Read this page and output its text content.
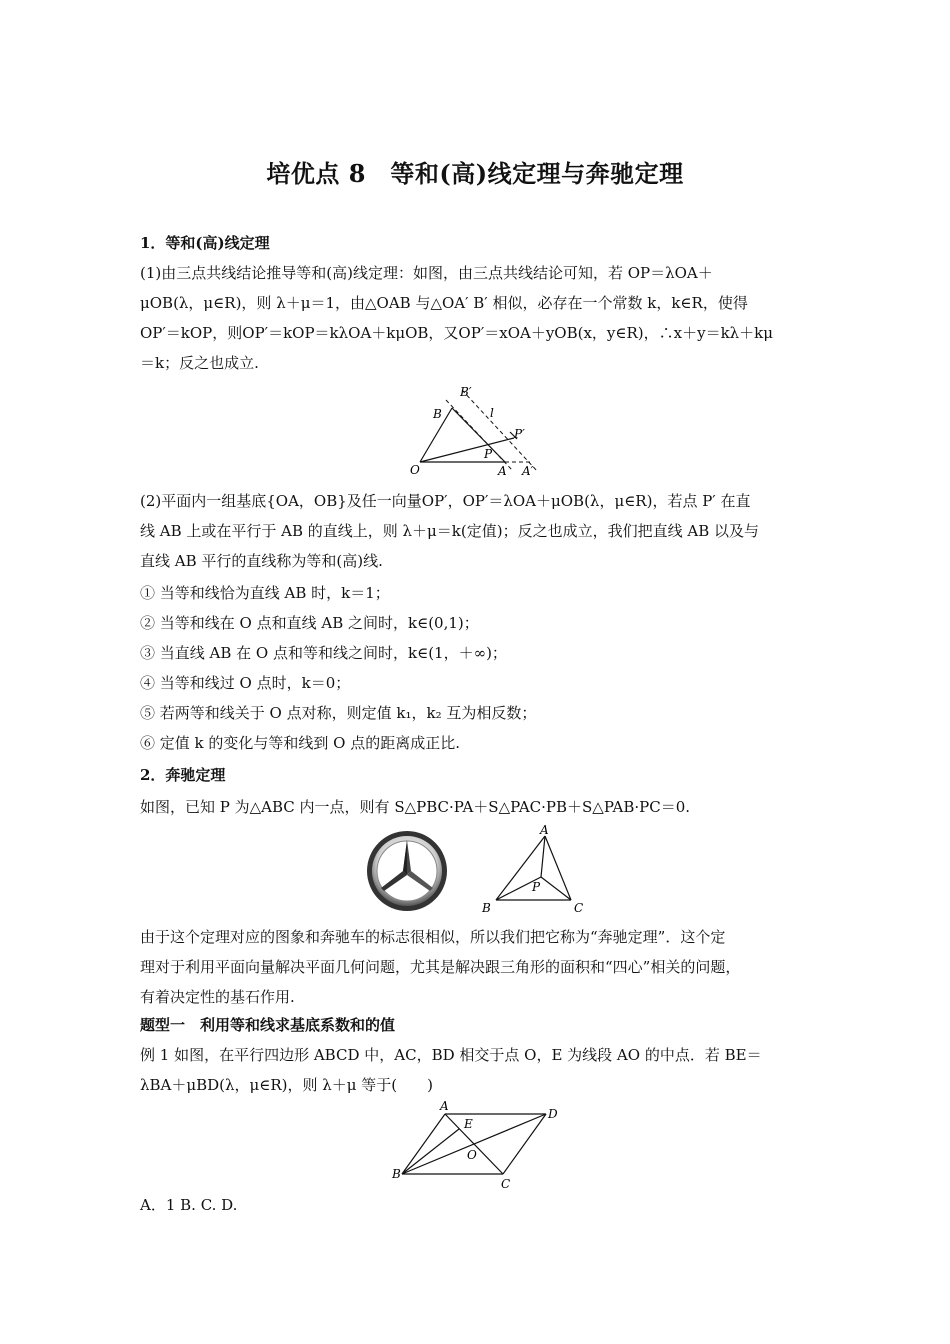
培优点 8　等和(高)线定理与奔驰定理
1．等和(高)线定理
(1)由三点共线结论推导等和(高)线定理：如图，由三点共线结论可知，若 OP＝λOA＋
μOB(λ，μ∈R)，则 λ＋μ＝1，由△OAB 与△OA′ B′ 相似，必存在一个常数 k，k∈R，使得
OP′＝kOP，则OP′＝kOP＝kλOA＋kμOB，又OP′＝xOA＋yOB(x，y∈R)，∴x＋y＝kλ＋kμ
＝k；反之也成立.
B′
B	l
P′
P
A A′
O
(2)平面内一组基底{OA，OB}及任一向量OP′，OP′＝λOA＋μOB(λ，μ∈R)，若点 P′ 在直
线 AB 上或在平行于 AB 的直线上，则 λ＋μ＝k(定值)；反之也成立，我们把直线 AB 以及与
直线 AB 平行的直线称为等和(高)线.
① 当等和线恰为直线 AB 时，k＝1；
② 当等和线在 O 点和直线 AB 之间时，k∈(0,1)；
③ 当直线 AB 在 O 点和等和线之间时，k∈(1，＋∞)；
④ 当等和线过 O 点时，k＝0；
⑤ 若两等和线关于 O 点对称，则定值 k₁，k₂ 互为相反数；
⑥ 定值 k 的变化与等和线到 O 点的距离成正比.
2．奔驰定理
如图，已知 P 为△ABC 内一点，则有 S△PBC·PA＋S△PAC·PB＋S△PAB·PC＝0.
A
P
B	C
由于这个定理对应的图象和奔驰车的标志很相似，所以我们把它称为“奔驰定理”．这个定
理对于利用平面向量解决平面几何问题，尤其是解决跟三角形的面积和“四心”相关的问题，
有着决定性的基石作用.
题型一　利用等和线求基底系数和的值
例 1 如图，在平行四边形 ABCD 中，AC，BD 相交于点 O，E 为线段 AO 的中点．若 BE＝
λBA＋μBD(λ，μ∈R)，则 λ＋μ 等于(　　)
A
D
E
O
B
C
A．1 B. C. D.
